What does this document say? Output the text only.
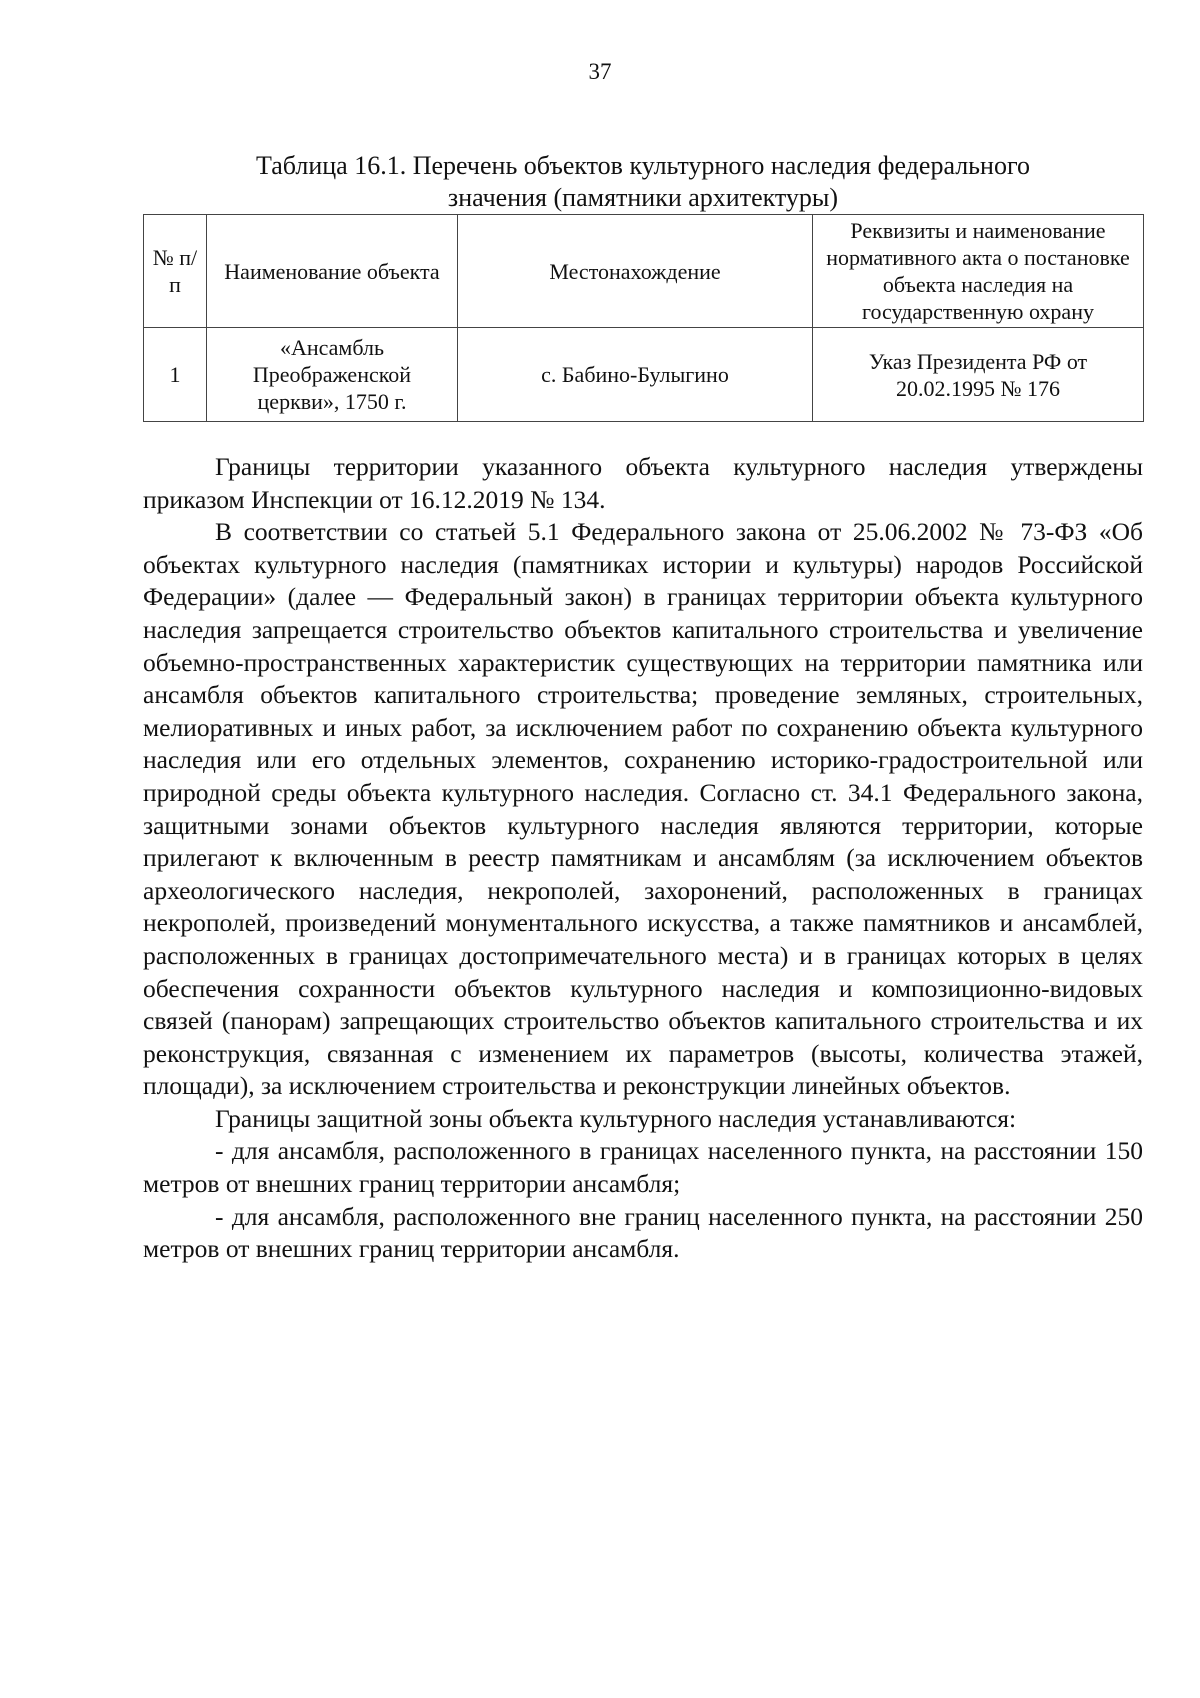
37
Таблица 16.1. Перечень объектов культурного наследия федерального
значения (памятники архитектуры)
№ п/п	Наименование объекта	Местонахождение	Реквизиты и наименование нормативного акта о постановке объекта наследия на государственную охрану
1	«Ансамбль Преображенской церкви», 1750 г.	с. Бабино-Булыгино	Указ Президента РФ от 20.02.1995 № 176

Границы территории указанного объекта культурного наследия утверждены приказом Инспекции от 16.12.2019 № 134.

В соответствии со статьей 5.1 Федерального закона от 25.06.2002 № 73-ФЗ «Об объектах культурного наследия (памятниках истории и культуры) народов Российской Федерации» (далее — Федеральный закон) в границах территории объекта культурного наследия запрещается строительство объектов капитального строительства и увеличение объемно-пространственных характеристик существующих на территории памятника или ансамбля объектов капитального строительства; проведение земляных, строительных, мелиоративных и иных работ, за исключением работ по сохранению объекта культурного наследия или его отдельных элементов, сохранению историко-градостроительной или природной среды объекта культурного наследия. Согласно ст. 34.1 Федерального закона, защитными зонами объектов культурного наследия являются территории, которые прилегают к включенным в реестр памятникам и ансамблям (за исключением объектов археологического наследия, некрополей, захоронений, расположенных в границах некрополей, произведений монументального искусства, а также памятников и ансамблей, расположенных в границах достопримечательного места) и в границах которых в целях обеспечения сохранности объектов культурного наследия и композиционно-видовых связей (панорам) запрещающих строительство объектов капитального строительства и их реконструкция, связанная с изменением их параметров (высоты, количества этажей, площади), за исключением строительства и реконструкции линейных объектов.

Границы защитной зоны объекта культурного наследия устанавливаются:

- для ансамбля, расположенного в границах населенного пункта, на расстоянии 150 метров от внешних границ территории ансамбля;

- для ансамбля, расположенного вне границ населенного пункта, на расстоянии 250 метров от внешних границ территории ансамбля.
